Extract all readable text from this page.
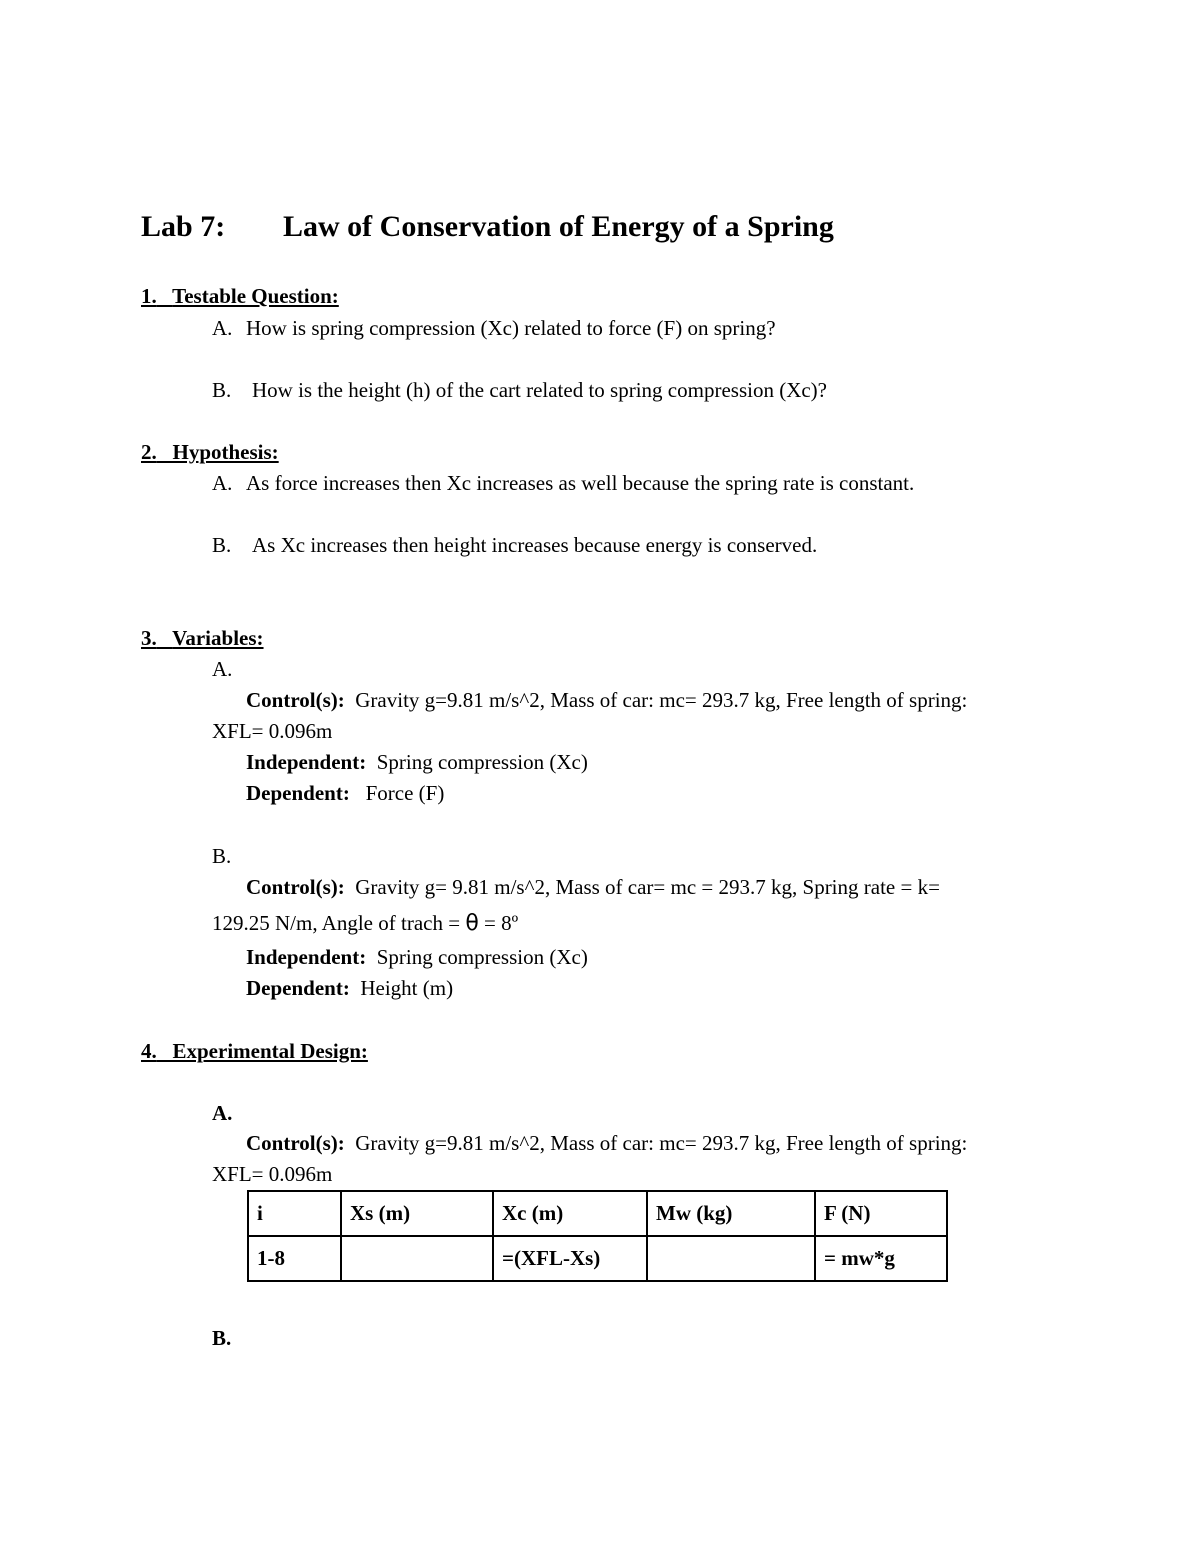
Lab 7: Law of Conservation of Energy of a Spring
1. Testable Question:
A. How is spring compression (Xc) related to force (F) on spring?
B. How is the height (h) of the cart related to spring compression (Xc)?
2. Hypothesis:
A. As force increases then Xc increases as well because the spring rate is constant.
B. As Xc increases then height increases because energy is conserved.
3. Variables:
A.
Control(s): Gravity g=9.81 m/s^2, Mass of car: mc= 293.7 kg, Free length of spring:
XFL= 0.096m
Independent: Spring compression (Xc)
Dependent: Force (F)
B.
Control(s): Gravity g= 9.81 m/s^2, Mass of car= mc = 293.7 kg, Spring rate = k=
129.25 N/m, Angle of trach = θ = 8º
Independent: Spring compression (Xc)
Dependent: Height (m)
4. Experimental Design:
A.
Control(s): Gravity g=9.81 m/s^2, Mass of car: mc= 293.7 kg, Free length of spring:
XFL= 0.096m
i	Xs (m)	Xc (m)	Mw (kg)	F (N)
1-8		=(XFL-Xs)		= mw*g
B.
